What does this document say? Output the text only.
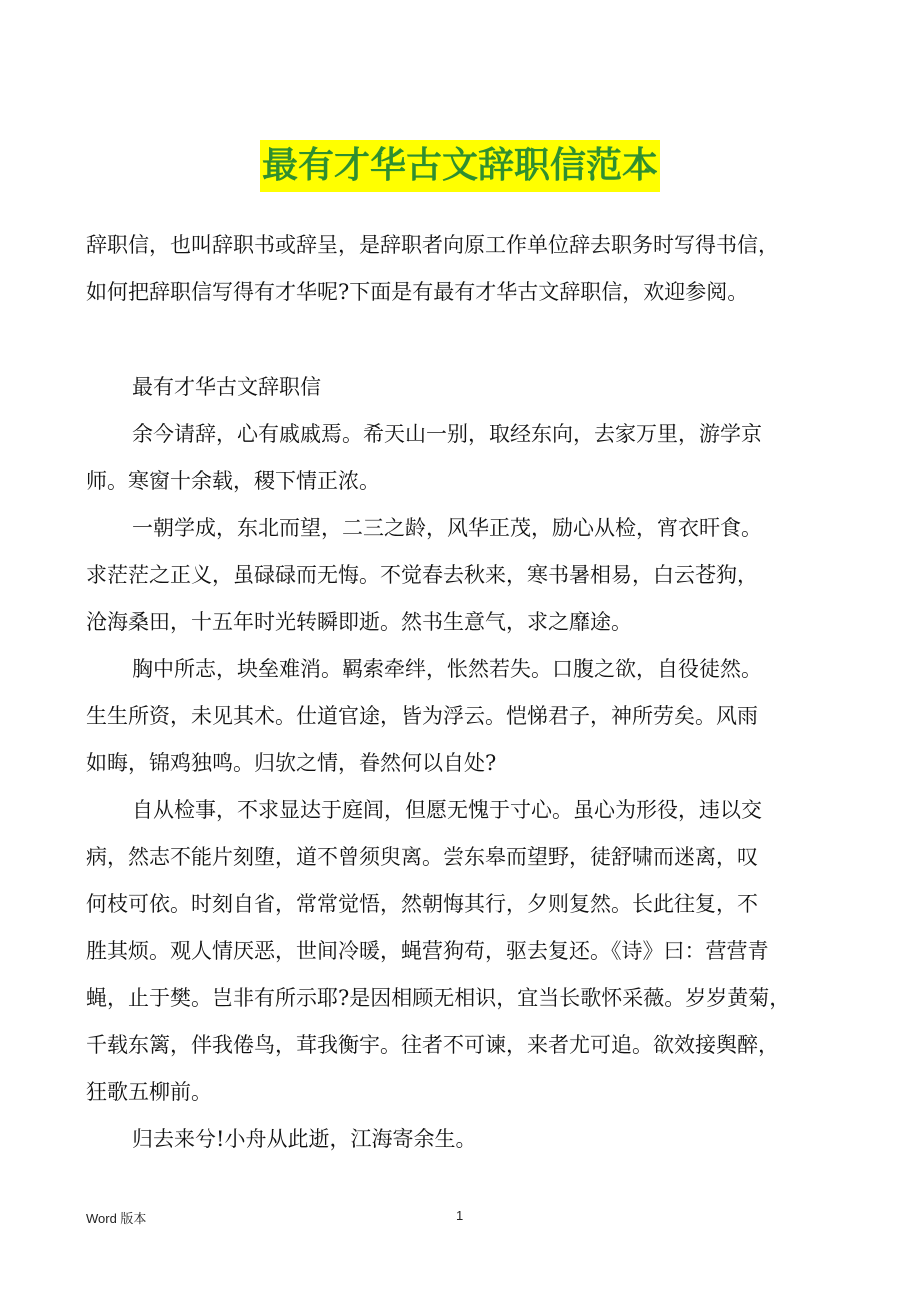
最有才华古文辞职信范本

辞职信，也叫辞职书或辞呈，是辞职者向原工作单位辞去职务时写得书信，
如何把辞职信写得有才华呢?下面是有最有才华古文辞职信，欢迎参阅。

最有才华古文辞职信

余今请辞，心有戚戚焉。希天山一别，取经东向，去家万里，游学京
师。寒窗十余载，稷下情正浓。

一朝学成，东北而望，二三之龄，风华正茂，励心从检，宵衣旰食。
求茫茫之正义，虽碌碌而无悔。不觉春去秋来，寒书暑相易，白云苍狗，
沧海桑田，十五年时光转瞬即逝。然书生意气，求之靡途。

胸中所志，块垒难消。羁索牵绊，怅然若失。口腹之欲，自役徒然。
生生所资，未见其术。仕道官途，皆为浮云。恺悌君子，神所劳矣。风雨
如晦，锦鸡独鸣。归欤之情，眷然何以自处?

自从检事，不求显达于庭闾，但愿无愧于寸心。虽心为形役，违以交
病，然志不能片刻堕，道不曾须臾离。尝东皋而望野，徒舒啸而迷离，叹
何枝可依。时刻自省，常常觉悟，然朝悔其行，夕则复然。长此往复，不
胜其烦。观人情厌恶，世间冷暖，蝇营狗苟，驱去复还。《诗》曰：营营青
蝇，止于樊。岂非有所示耶?是因相顾无相识，宜当长歌怀采薇。岁岁黄菊，
千载东篱，伴我倦鸟，茸我衡宇。往者不可谏，来者尤可追。欲效接舆醉，
狂歌五柳前。

归去来兮!小舟从此逝，江海寄余生。

Word 版本	1
